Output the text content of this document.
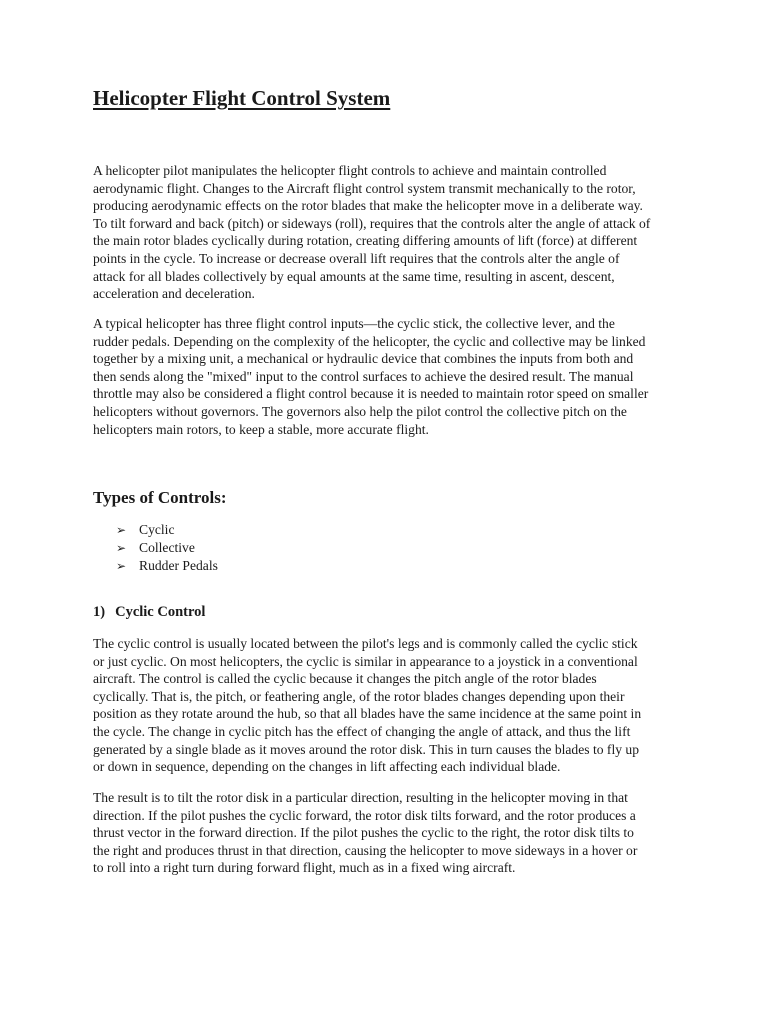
Helicopter Flight Control System

A helicopter pilot manipulates the helicopter flight controls to achieve and maintain controlled
aerodynamic flight. Changes to the Aircraft flight control system transmit mechanically to the rotor,
producing aerodynamic effects on the rotor blades that make the helicopter move in a deliberate way.
To tilt forward and back (pitch) or sideways (roll), requires that the controls alter the angle of attack of
the main rotor blades cyclically during rotation, creating differing amounts of lift (force) at different
points in the cycle. To increase or decrease overall lift requires that the controls alter the angle of
attack for all blades collectively by equal amounts at the same time, resulting in ascent, descent,
acceleration and deceleration.

A typical helicopter has three flight control inputs—the cyclic stick, the collective lever, and the
rudder pedals. Depending on the complexity of the helicopter, the cyclic and collective may be linked
together by a mixing unit, a mechanical or hydraulic device that combines the inputs from both and
then sends along the "mixed" input to the control surfaces to achieve the desired result. The manual
throttle may also be considered a flight control because it is needed to maintain rotor speed on smaller
helicopters without governors. The governors also help the pilot control the collective pitch on the
helicopters main rotors, to keep a stable, more accurate flight.

Types of Controls:
➢ Cyclic
➢ Collective
➢ Rudder Pedals
1) Cyclic Control

The cyclic control is usually located between the pilot's legs and is commonly called the cyclic stick
or just cyclic. On most helicopters, the cyclic is similar in appearance to a joystick in a conventional
aircraft. The control is called the cyclic because it changes the pitch angle of the rotor blades
cyclically. That is, the pitch, or feathering angle, of the rotor blades changes depending upon their
position as they rotate around the hub, so that all blades have the same incidence at the same point in
the cycle. The change in cyclic pitch has the effect of changing the angle of attack, and thus the lift
generated by a single blade as it moves around the rotor disk. This in turn causes the blades to fly up
or down in sequence, depending on the changes in lift affecting each individual blade.

The result is to tilt the rotor disk in a particular direction, resulting in the helicopter moving in that
direction. If the pilot pushes the cyclic forward, the rotor disk tilts forward, and the rotor produces a
thrust vector in the forward direction. If the pilot pushes the cyclic to the right, the rotor disk tilts to
the right and produces thrust in that direction, causing the helicopter to move sideways in a hover or
to roll into a right turn during forward flight, much as in a fixed wing aircraft.
